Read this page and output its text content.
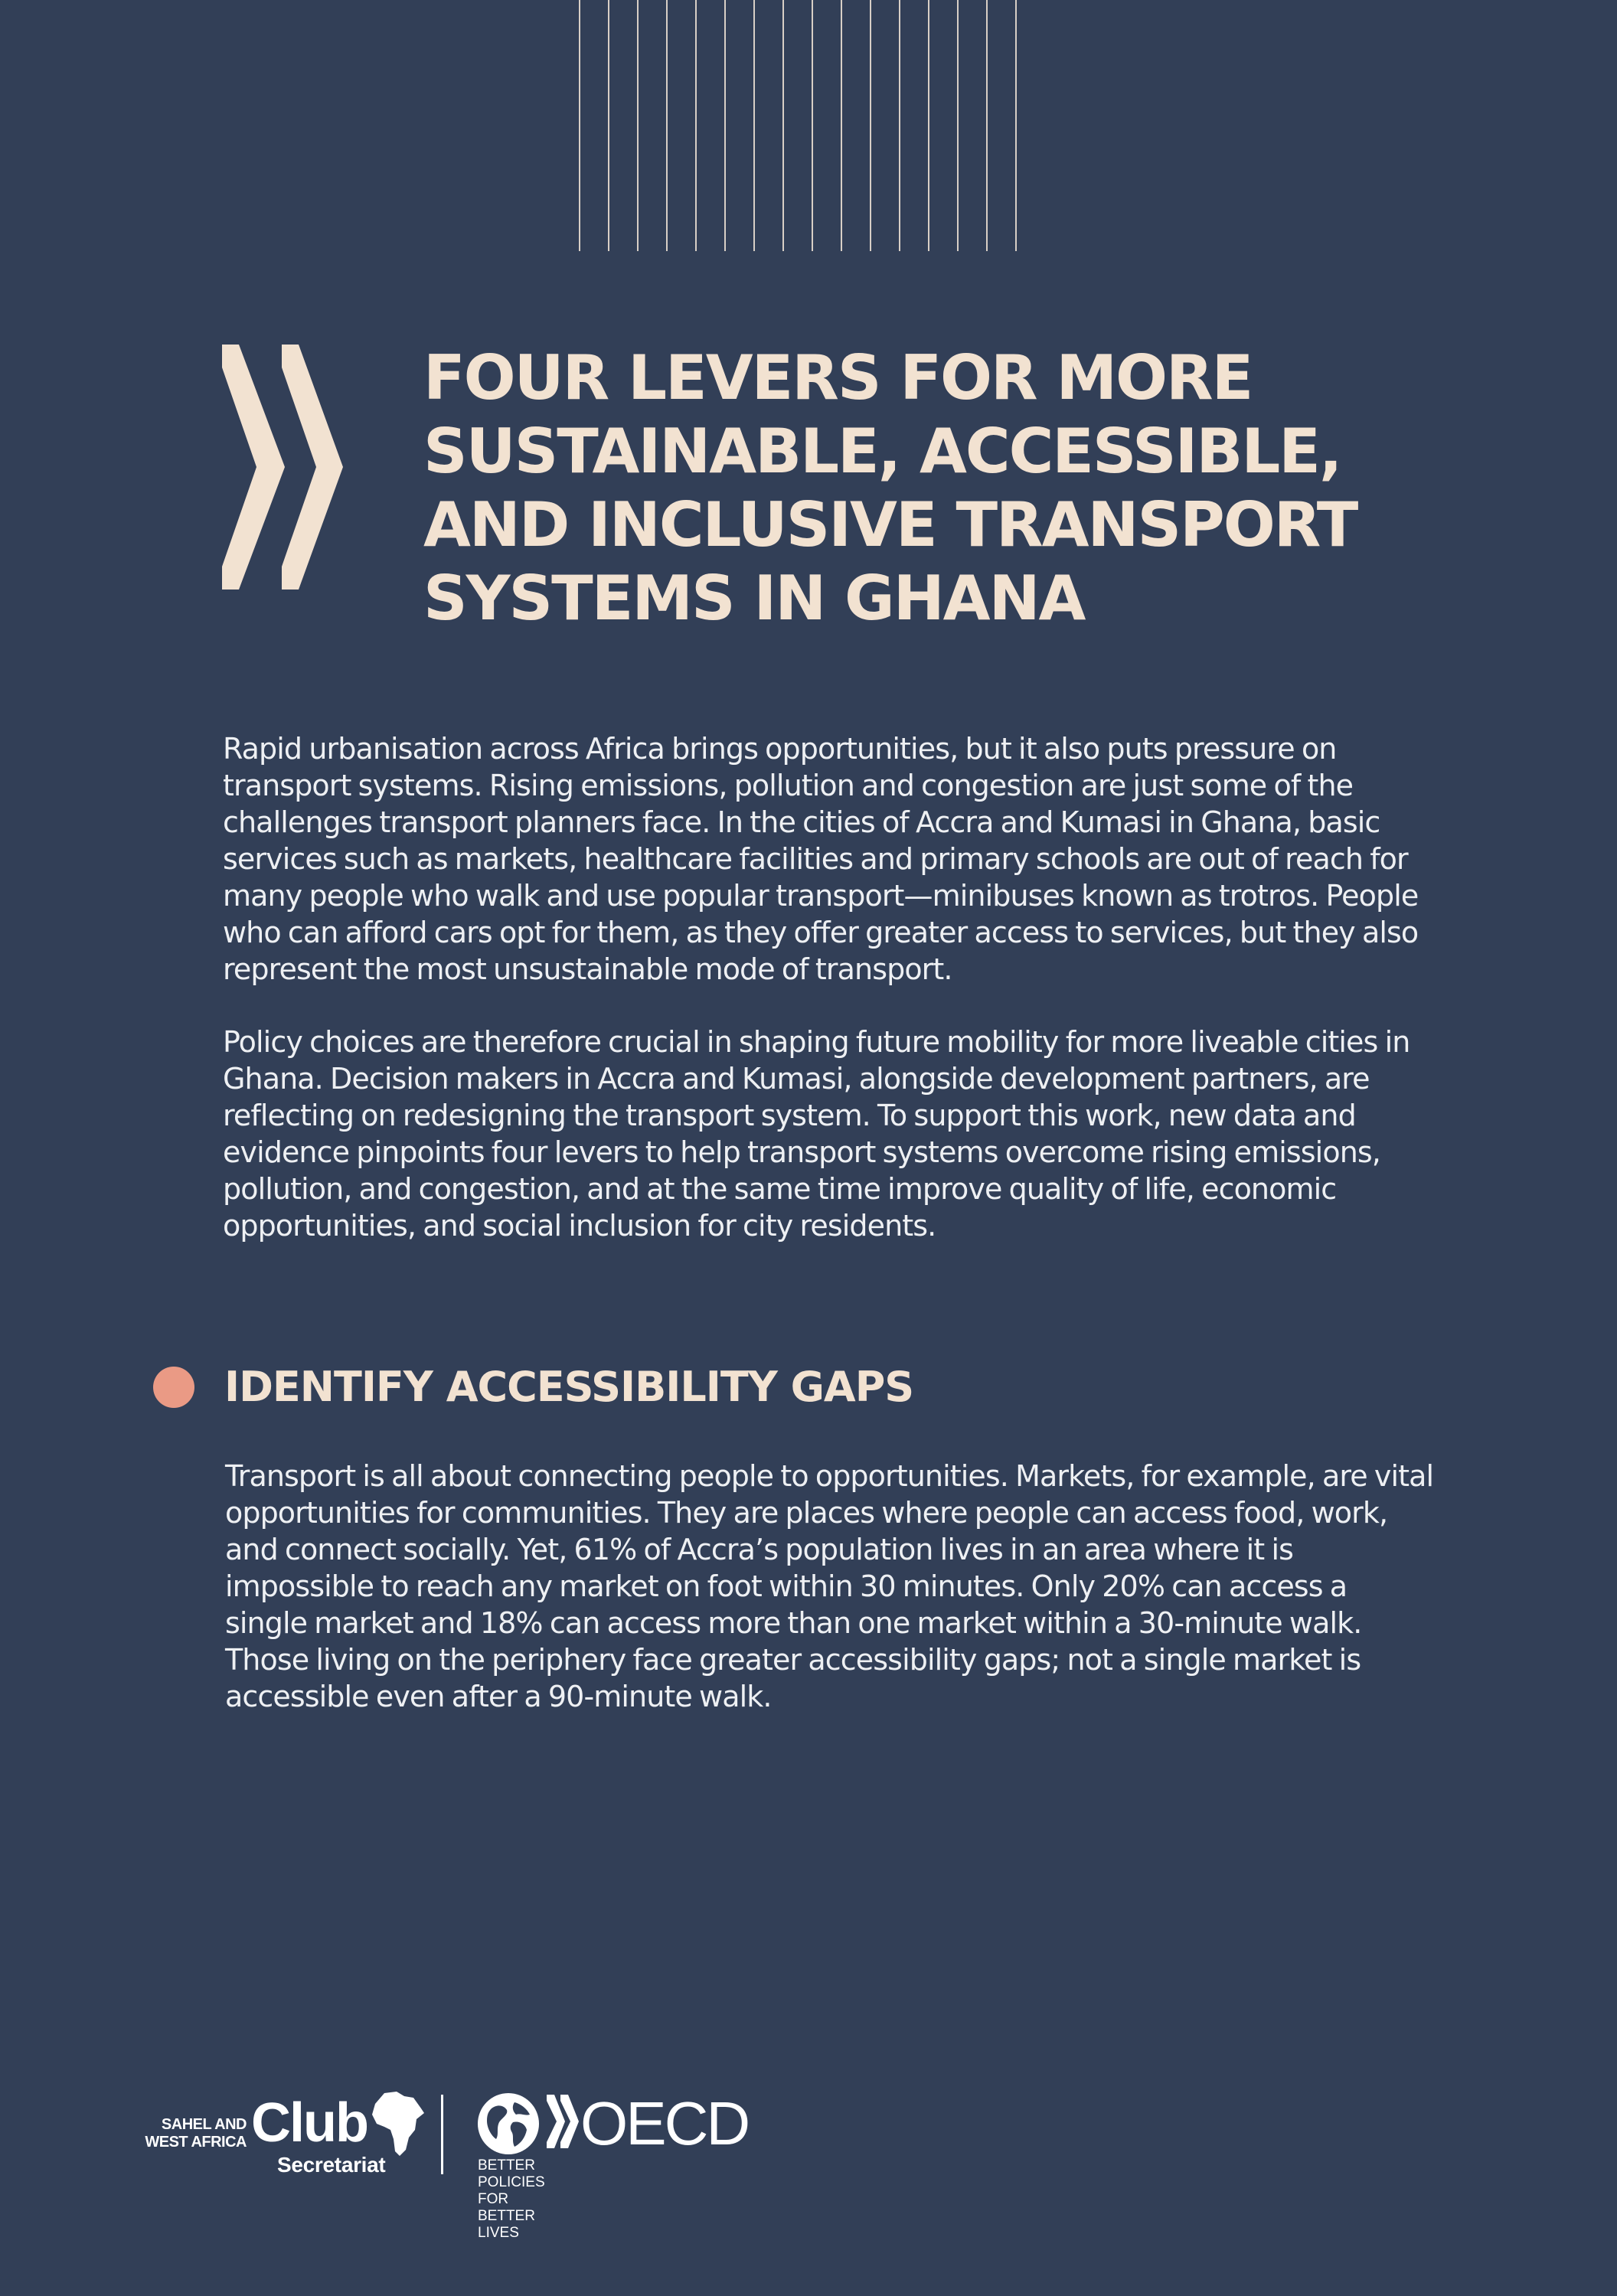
FOUR LEVERS FOR MORE
SUSTAINABLE, ACCESSIBLE,
AND INCLUSIVE TRANSPORT
SYSTEMS IN GHANA

Rapid urbanisation across Africa brings opportunities, but it also puts pressure on transport systems. Rising emissions, pollution and congestion are just some of the challenges transport planners face. In the cities of Accra and Kumasi in Ghana, basic services such as markets, healthcare facilities and primary schools are out of reach for many people who walk and use popular transport—minibuses known as trotros. People who can afford cars opt for them, as they offer greater access to services, but they also represent the most unsustainable mode of transport.

Policy choices are therefore crucial in shaping future mobility for more liveable cities in Ghana. Decision makers in Accra and Kumasi, alongside development partners, are reflecting on redesigning the transport system. To support this work, new data and evidence pinpoints four levers to help transport systems overcome rising emissions, pollution, and congestion, and at the same time improve quality of life, economic opportunities, and social inclusion for city residents.

IDENTIFY ACCESSIBILITY GAPS

Transport is all about connecting people to opportunities. Markets, for example, are vital opportunities for communities. They are places where people can access food, work, and connect socially. Yet, 61% of Accra’s population lives in an area where it is impossible to reach any market on foot within 30 minutes. Only 20% can access a single market and 18% can access more than one market within a 30-minute walk. Those living on the periphery face greater accessibility gaps; not a single market is accessible even after a 90-minute walk.

SAHEL AND
WEST AFRICA Club
Secretariat
OECD
BETTER POLICIES FOR BETTER LIVES
